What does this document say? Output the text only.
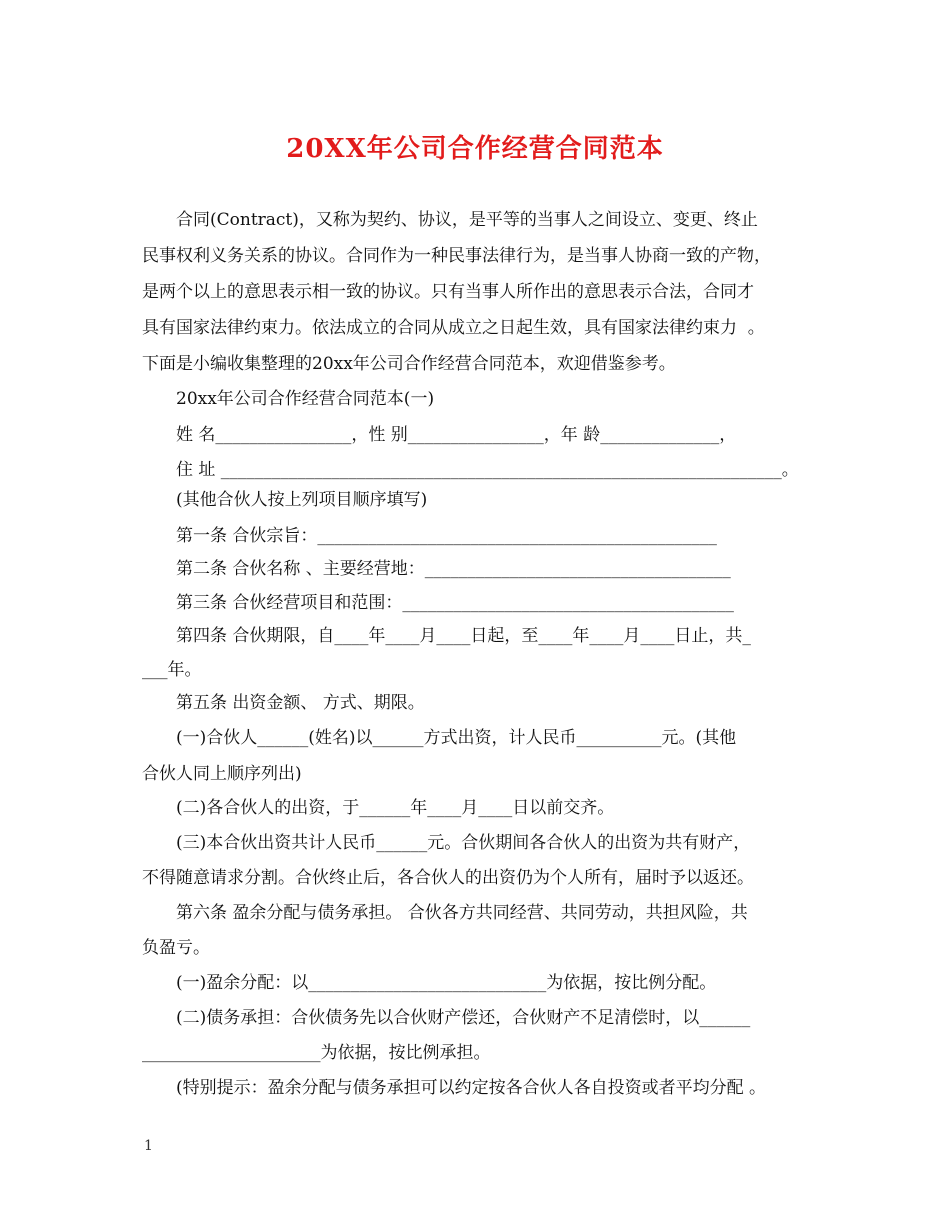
20XX年公司合作经营合同范本
　　合同(Contract)，又称为契约、协议，是平等的当事人之间设立、变更、终止
民事权利义务关系的协议。合同作为一种民事法律行为，是当事人协商一致的产物，
是两个以上的意思表示相一致的协议。只有当事人所作出的意思表示合法，合同才
具有国家法律约束力。依法成立的合同从成立之日起生效，具有国家法律约束力  。
下面是小编收集整理的20xx年公司合作经营合同范本，欢迎借鉴参考。
　　20xx年公司合作经营合同范本(一)
　　姓 名________________，性 别________________，年 龄______________，
　　住 址 __________________________________________________________________。
　　(其他合伙人按上列项目顺序填写)
　　第一条 合伙宗旨：_______________________________________________
　　第二条 合伙名称 、主要经营地：____________________________________
　　第三条 合伙经营项目和范围：_______________________________________
　　第四条 合伙期限，自____年____月____日起，至____年____月____日止，共_
___年。
　　第五条 出资金额、 方式、期限。
　　(一)合伙人______(姓名)以______方式出资，计人民币__________元。(其他
合伙人同上顺序列出)
　　(二)各合伙人的出资，于______年____月____日以前交齐。
　　(三)本合伙出资共计人民币______元。合伙期间各合伙人的出资为共有财产，
不得随意请求分割。合伙终止后，各合伙人的出资仍为个人所有，届时予以返还。
　　第六条 盈余分配与债务承担。 合伙各方共同经营、共同劳动，共担风险，共
负盈亏。
　　(一)盈余分配：以____________________________为依据，按比例分配。
　　(二)债务承担：合伙债务先以合伙财产偿还，合伙财产不足清偿时，以______
_____________________为依据，按比例承担。
　　(特别提示：盈余分配与债务承担可以约定按各合伙人各自投资或者平均分配 。
1
